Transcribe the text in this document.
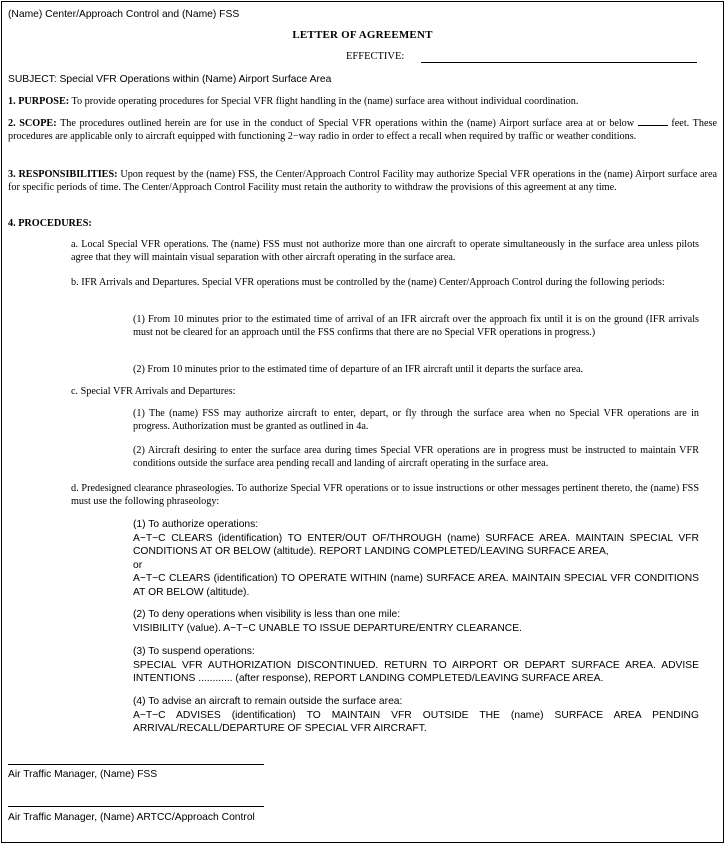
(Name) Center/Approach Control and (Name) FSS
LETTER OF AGREEMENT
EFFECTIVE:
SUBJECT: Special VFR Operations within (Name) Airport Surface Area
1. PURPOSE: To provide operating procedures for Special VFR flight handling in the (name) surface area without individual coordination.
2. SCOPE: The procedures outlined herein are for use in the conduct of Special VFR operations within the (name) Airport surface area at or below	feet. These procedures are applicable only to aircraft equipped with functioning 2−way radio in order to effect a recall when required by traffic or weather conditions.
3. RESPONSIBILITIES: Upon request by the (name) FSS, the Center/Approach Control Facility may authorize Special VFR operations in the (name) Airport surface area for specific periods of time. The Center/Approach Control Facility must retain the authority to withdraw the provisions of this agreement at any time.
4. PROCEDURES:
a. Local Special VFR operations. The (name) FSS must not authorize more than one aircraft to operate simultaneously in the surface area unless pilots agree that they will maintain visual separation with other aircraft operating in the surface area.
b. IFR Arrivals and Departures. Special VFR operations must be controlled by the (name) Center/Approach Control during the following periods:
(1) From 10 minutes prior to the estimated time of arrival of an IFR aircraft over the approach fix until it is on the ground (IFR arrivals must not be cleared for an approach until the FSS confirms that there are no Special VFR operations in progress.)
(2) From 10 minutes prior to the estimated time of departure of an IFR aircraft until it departs the surface area.
c. Special VFR Arrivals and Departures:
(1) The (name) FSS may authorize aircraft to enter, depart, or fly through the surface area when no Special VFR operations are in progress. Authorization must be granted as outlined in 4a.
(2) Aircraft desiring to enter the surface area during times Special VFR operations are in progress must be instructed to maintain VFR conditions outside the surface area pending recall and landing of aircraft operating in the surface area.
d. Predesigned clearance phraseologies. To authorize Special VFR operations or to issue instructions or other messages pertinent thereto, the (name) FSS must use the following phraseology:
(1) To authorize operations:
A−T−C CLEARS (identification) TO ENTER/OUT OF/THROUGH (name) SURFACE AREA. MAINTAIN SPECIAL VFR CONDITIONS AT OR BELOW (altitude). REPORT LANDING COMPLETED/LEAVING SURFACE AREA,
or
A−T−C CLEARS (identification) TO OPERATE WITHIN (name) SURFACE AREA. MAINTAIN SPECIAL VFR CONDITIONS AT OR BELOW (altitude).
(2) To deny operations when visibility is less than one mile:
VISIBILITY (value). A−T−C UNABLE TO ISSUE DEPARTURE/ENTRY CLEARANCE.
(3) To suspend operations:
SPECIAL VFR AUTHORIZATION DISCONTINUED. RETURN TO AIRPORT OR DEPART SURFACE AREA. ADVISE INTENTIONS ............ (after response), REPORT LANDING COMPLETED/LEAVING SURFACE AREA.
(4) To advise an aircraft to remain outside the surface area:
A−T−C ADVISES (identification) TO MAINTAIN VFR OUTSIDE THE (name) SURFACE AREA PENDING ARRIVAL/RECALL/DEPARTURE OF SPECIAL VFR AIRCRAFT.
Air Traffic Manager, (Name) FSS
Air Traffic Manager, (Name) ARTCC/Approach Control
